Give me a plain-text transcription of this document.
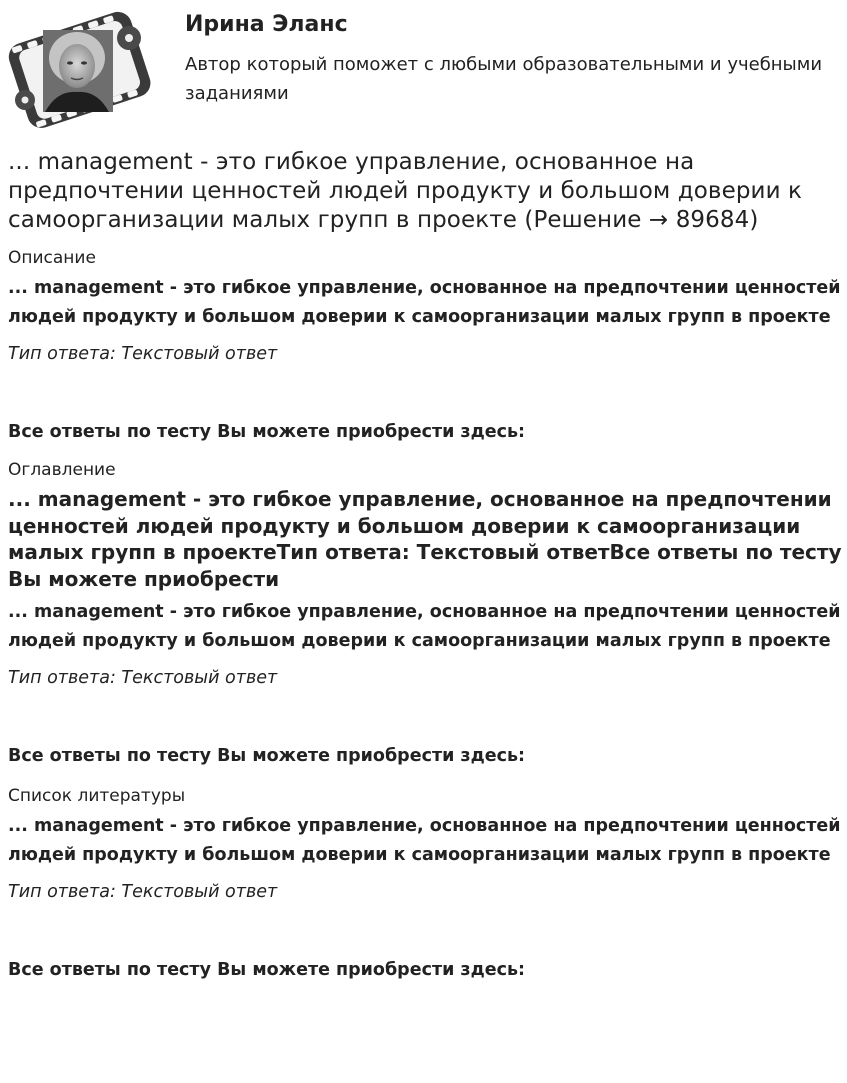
Ирина Эланс
Автор который поможет с любыми образовательными и учебными заданиями
... management - это гибкое управление, основанное на предпочтении ценностей людей продукту и большом доверии к самоорганизации малых групп в проекте (Решение → 89684)

Описание

... management - это гибкое управление, основанное на предпочтении ценностей людей продукту и большом доверии к самоорганизации малых групп в проекте

Тип ответа: Текстовый ответ

Все ответы по тесту Вы можете приобрести здесь:

Оглавление

... management - это гибкое управление, основанное на предпочтении ценностей людей продукту и большом доверии к самоорганизации малых групп в проектеТип ответа: Текстовый ответВсе ответы по тесту Вы можете приобрести

... management - это гибкое управление, основанное на предпочтении ценностей людей продукту и большом доверии к самоорганизации малых групп в проекте

Тип ответа: Текстовый ответ

Все ответы по тесту Вы можете приобрести здесь:

Список литературы

... management - это гибкое управление, основанное на предпочтении ценностей людей продукту и большом доверии к самоорганизации малых групп в проекте

Тип ответа: Текстовый ответ

Все ответы по тесту Вы можете приобрести здесь:
